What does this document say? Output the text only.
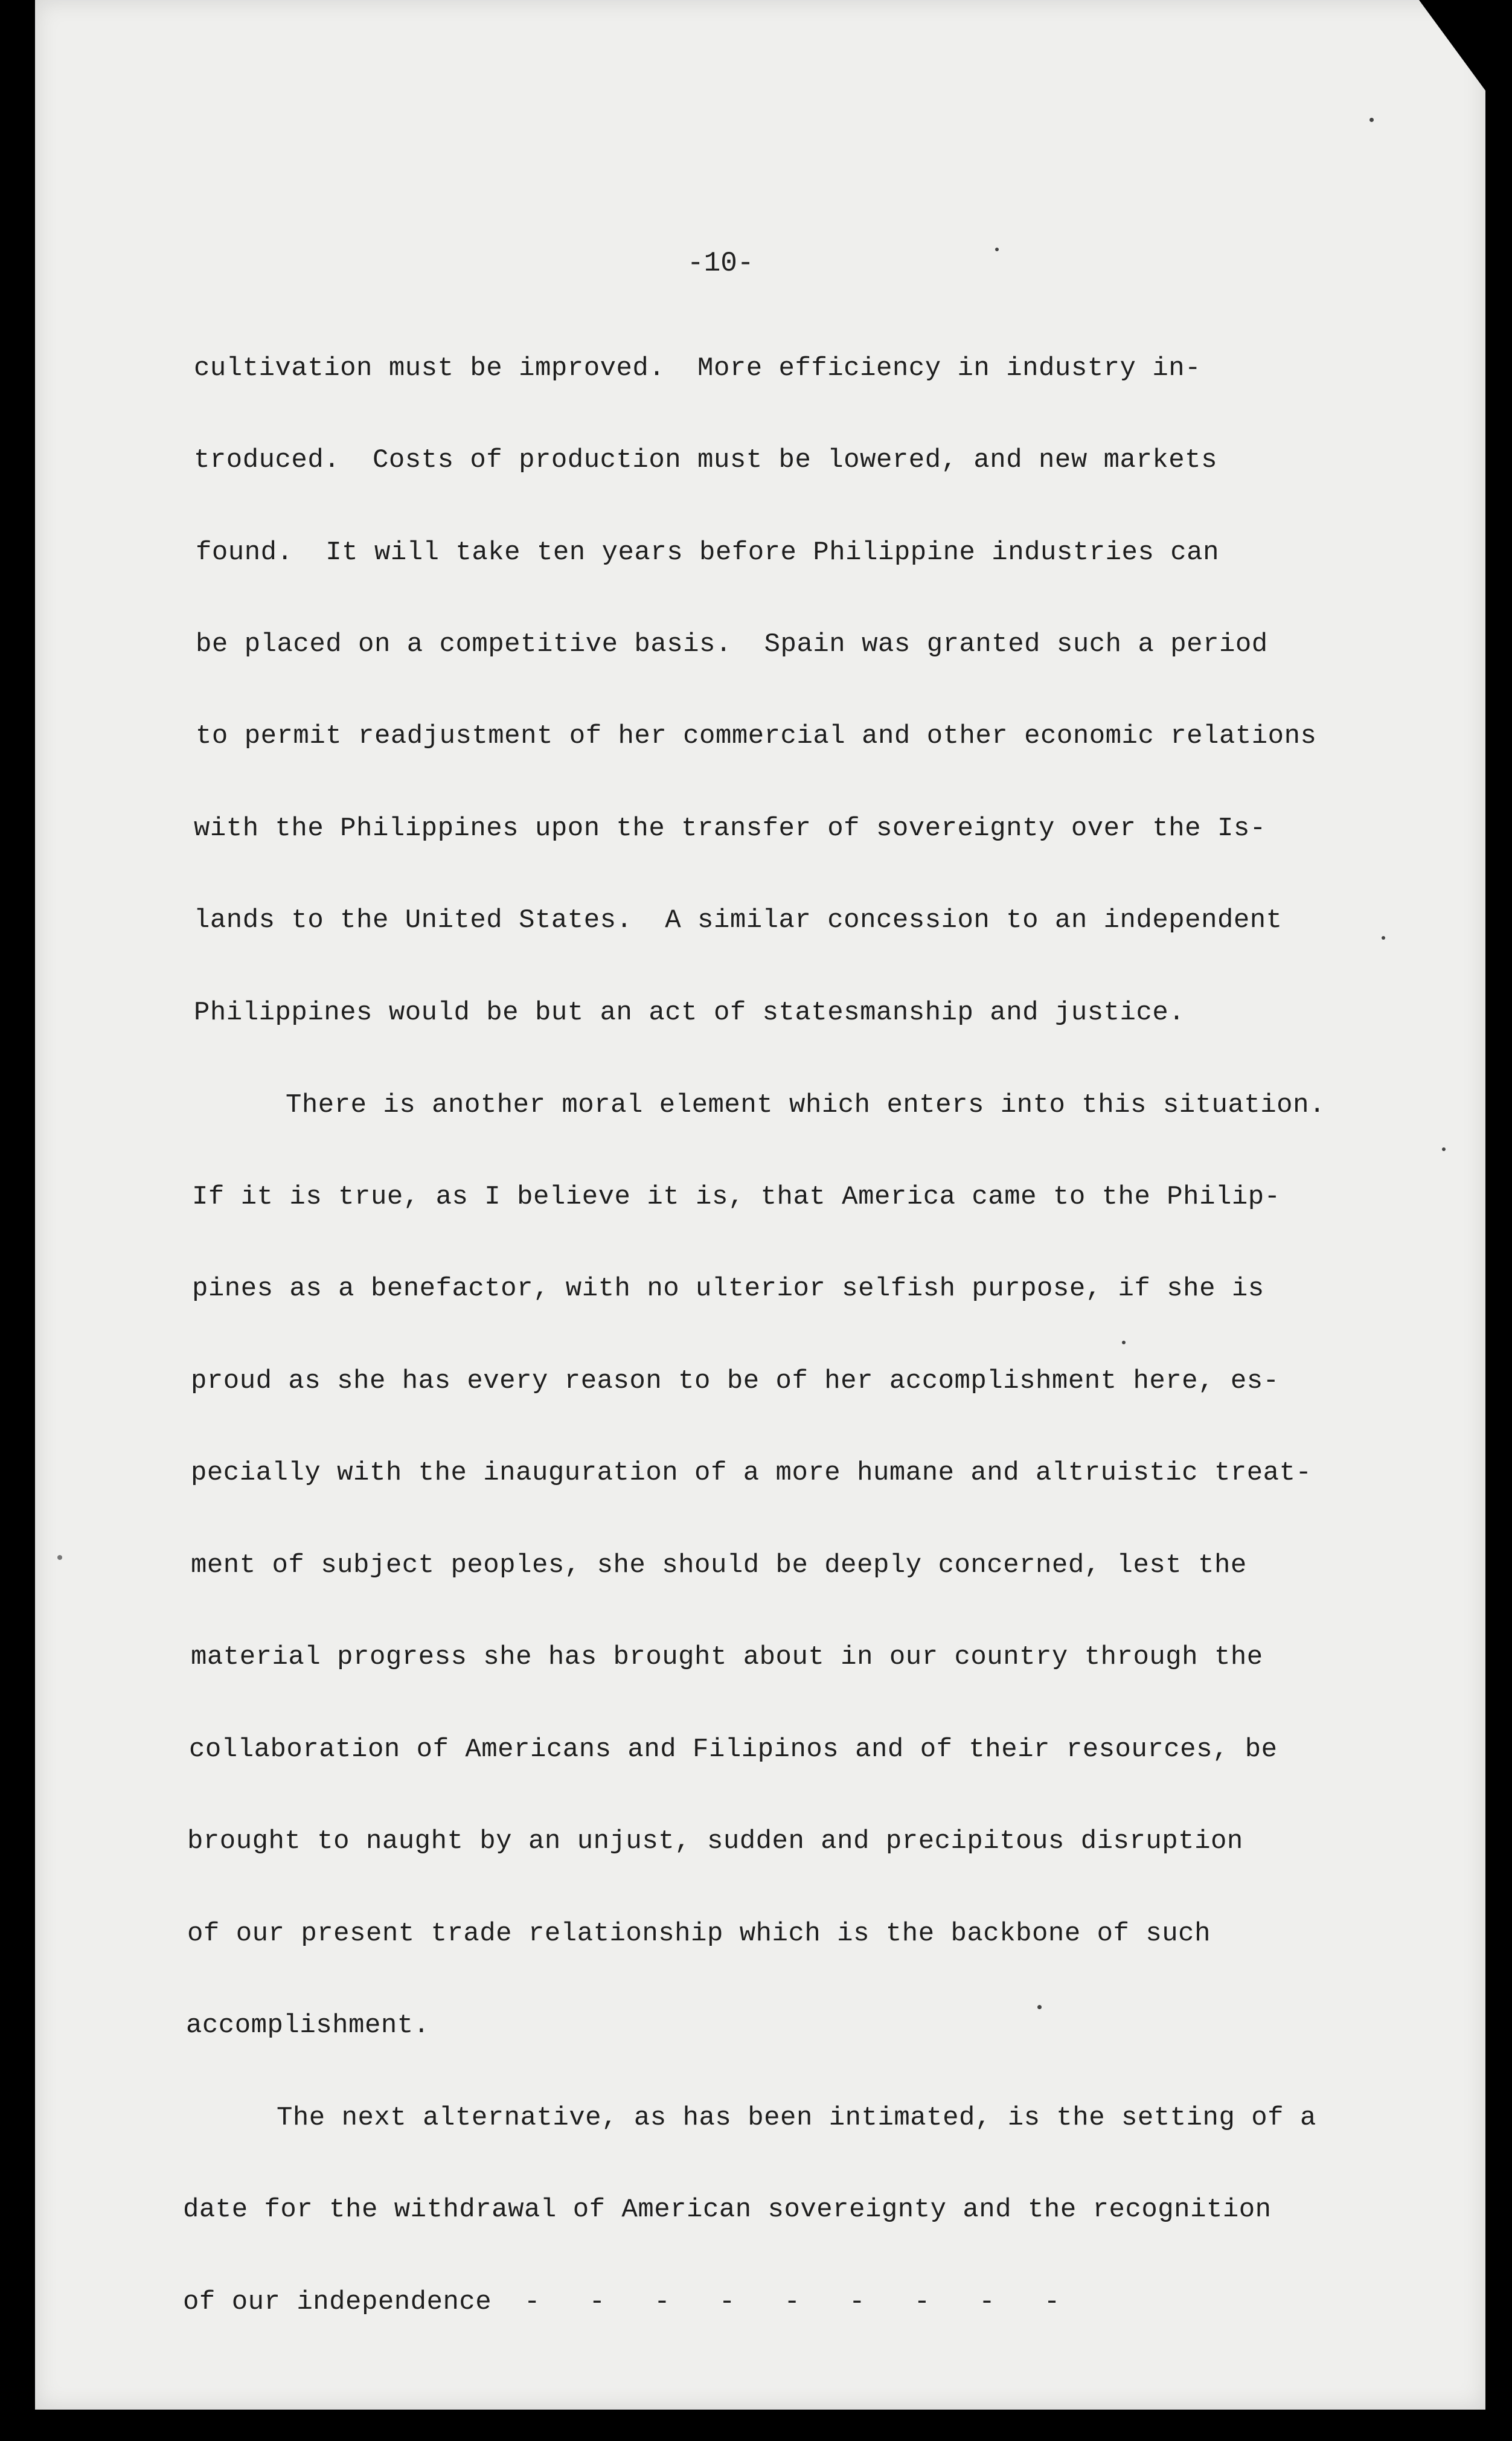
-10-
cultivation must be improved.  More efficiency in industry in-
troduced.  Costs of production must be lowered, and new markets
found.  It will take ten years before Philippine industries can
be placed on a competitive basis.  Spain was granted such a period
to permit readjustment of her commercial and other economic relations
with the Philippines upon the transfer of sovereignty over the Is-
lands to the United States.  A similar concession to an independent
Philippines would be but an act of statesmanship and justice.
There is another moral element which enters into this situation.
If it is true, as I believe it is, that America came to the Philip-
pines as a benefactor, with no ulterior selfish purpose, if she is
proud as she has every reason to be of her accomplishment here, es-
pecially with the inauguration of a more humane and altruistic treat-
ment of subject peoples, she should be deeply concerned, lest the
material progress she has brought about in our country through the
collaboration of Americans and Filipinos and of their resources, be
brought to naught by an unjust, sudden and precipitous disruption
of our present trade relationship which is the backbone of such
accomplishment.
The next alternative, as has been intimated, is the setting of a
date for the withdrawal of American sovereignty and the recognition
of our independence  -   -   -   -   -   -   -   -   -
